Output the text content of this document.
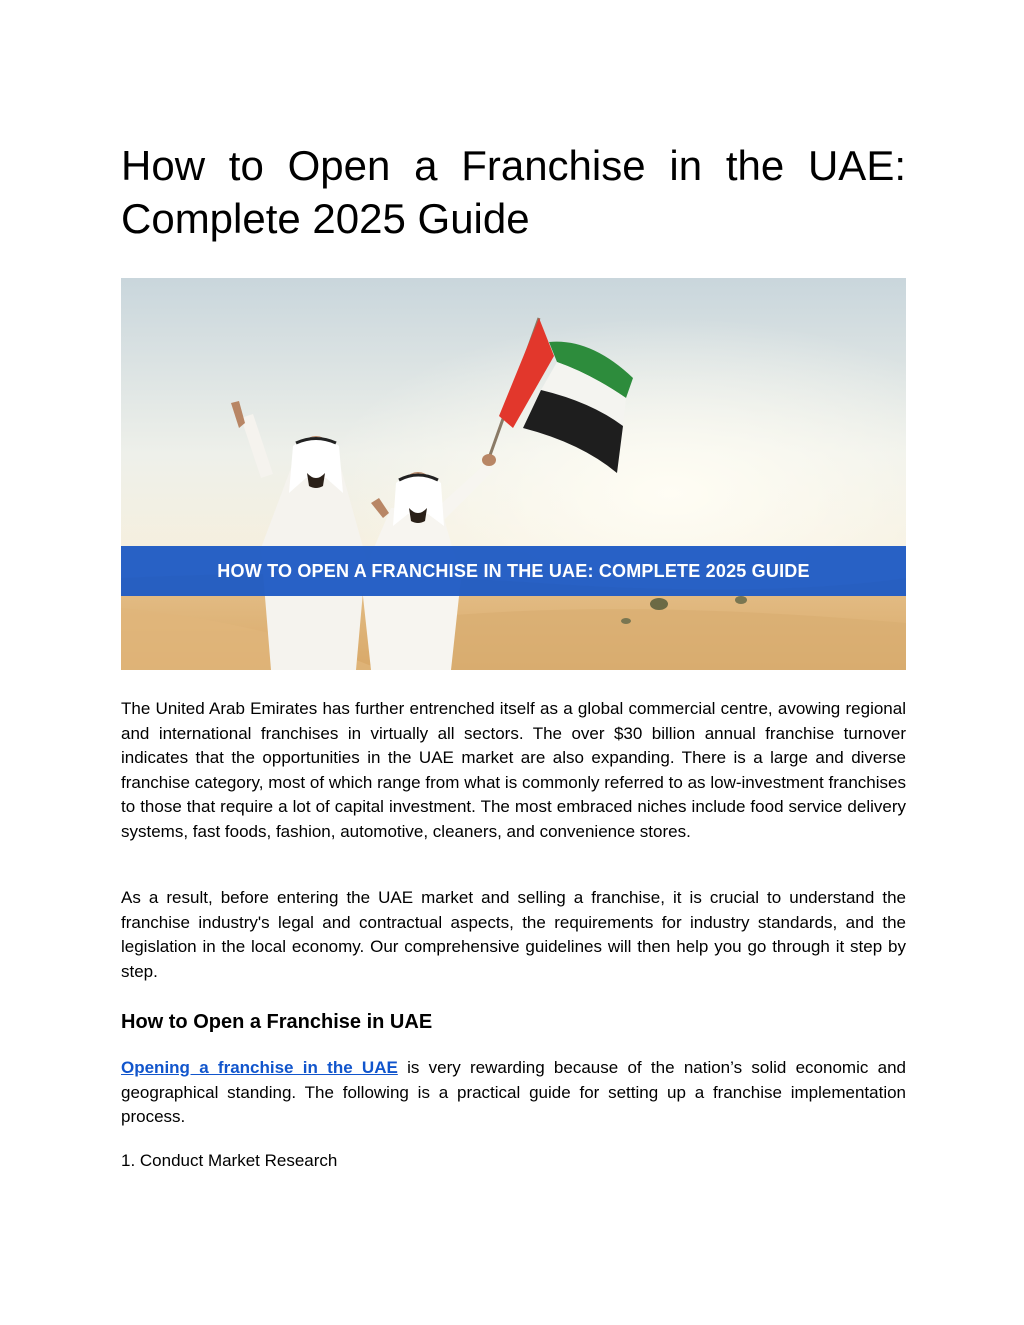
How to Open a Franchise in the UAE:
Complete 2025 Guide
HOW TO OPEN A FRANCHISE IN THE UAE: COMPLETE 2025 GUIDE

The United Arab Emirates has further entrenched itself as a global commercial centre, avowing regional and international franchises in virtually all sectors. The over $30 billion annual franchise turnover indicates that the opportunities in the UAE market are also expanding. There is a large and diverse franchise category, most of which range from what is commonly referred to as low-investment franchises to those that require a lot of capital investment. The most embraced niches include food service delivery systems, fast foods, fashion, automotive, cleaners, and convenience stores.

As a result, before entering the UAE market and selling a franchise, it is crucial to understand the franchise industry's legal and contractual aspects, the requirements for industry standards, and the legislation in the local economy. Our comprehensive guidelines will then help you go through it step by step.

How to Open a Franchise in UAE

Opening a franchise in the UAE is very rewarding because of the nation’s solid economic and geographical standing. The following is a practical guide for setting up a franchise implementation process.

1. Conduct Market Research
